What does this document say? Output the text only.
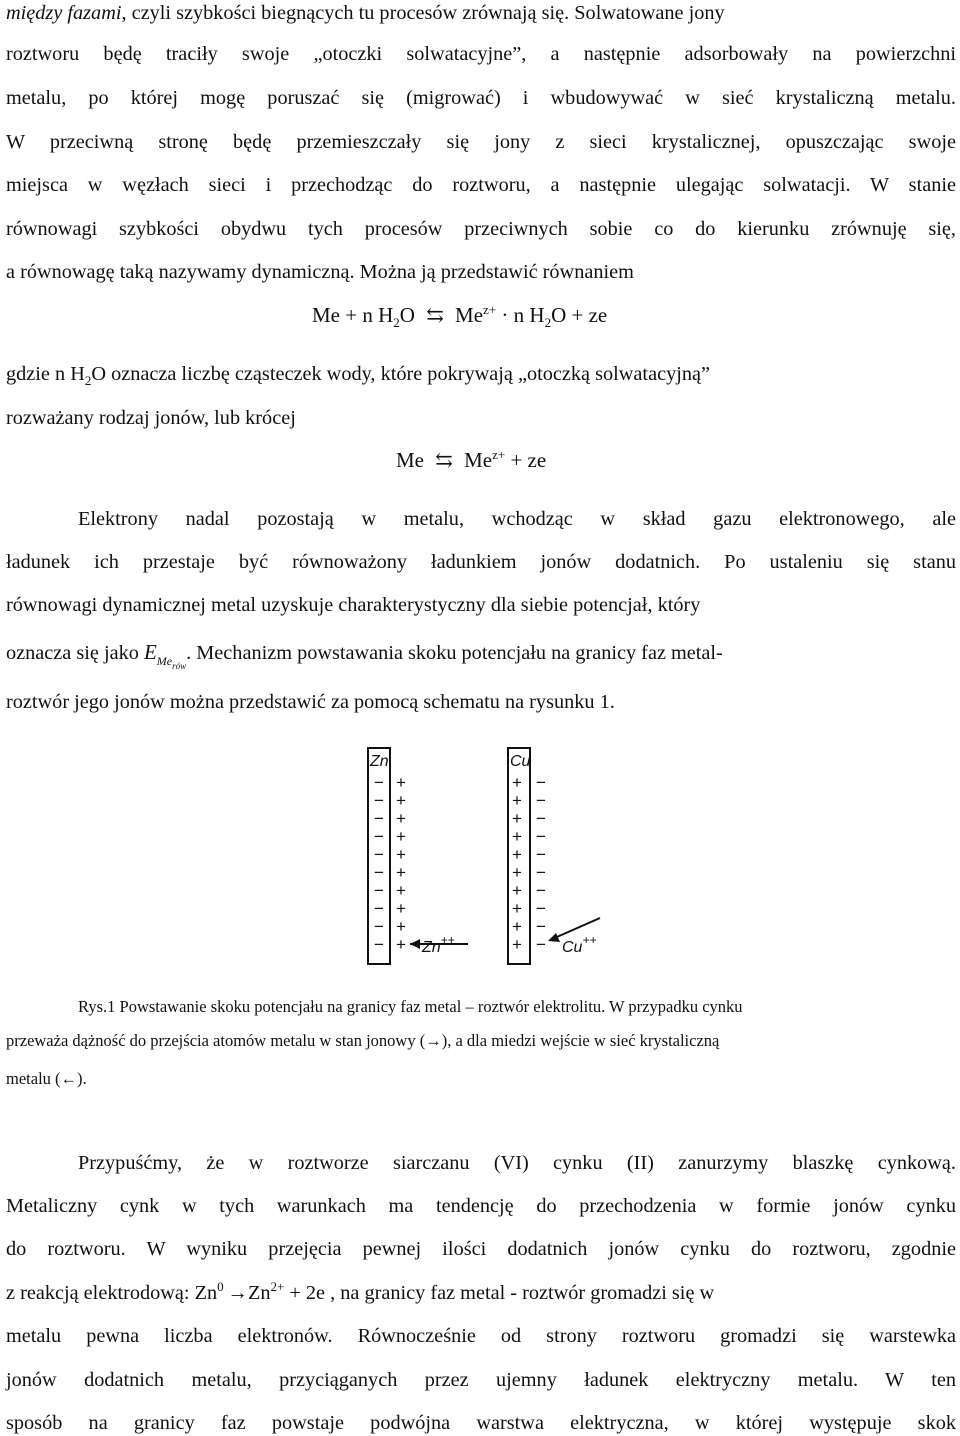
między fazami, czyli szybkości biegnących tu procesów zrównają się. Solwatowane jony
roztworu będę traciły swoje „otoczki solwatacyjne”, a następnie adsorbowały na powierzchni
metalu, po której mogę poruszać się (migrować) i wbudowywać w sieć krystaliczną metalu.
W przeciwną stronę będę przemieszczały się jony z sieci krystalicznej, opuszczając swoje
miejsca w węzłach sieci i przechodząc do roztworu, a następnie ulegając solwatacji. W stanie
równowagi szybkości obydwu tych procesów przeciwnych sobie co do kierunku zrównuję się,
a równowagę taką nazywamy dynamiczną. Można ją przedstawić równaniem
Me + n $H_2O$ ⇆ $Me^{z+} \cdot n$ $H_2O$ + ze
gdzie n $H_2O$ oznacza liczbę cząsteczek wody, które pokrywają „otoczką solwatacyjną”
rozważany rodzaj jonów, lub krócej
Me ⇆ $Me^{z+}$ + ze
Elektrony nadal pozostają w metalu, wchodząc w skład gazu elektronowego, ale
ładunek ich przestaje być równoważony ładunkiem jonów dodatnich. Po ustaleniu się stanu
równowagi dynamicznej metal uzyskuje charakterystyczny dla siebie potencjał, który
oznacza się jako $E_{Merów}$. Mechanizm powstawania skoku potencjału na granicy faz metal-
roztwór jego jonów można przedstawić za pomocą schematu na rysunku 1.
Zn
− +
− +
− +
− +
− +
− +
− +
− +
− +
− +
Cu
+ −
+ −
+ −
+ −
+ −
+ −
+ −
+ −
+ −
+ −
Zn++	Cu++
Rys.1 Powstawanie skoku potencjału na granicy faz metal – roztwór elektrolitu. W przypadku cynku
przeważa dążność do przejścia atomów metalu w stan jonowy (→), a dla miedzi wejście w sieć krystaliczną
metalu (←).
Przypuśćmy, że w roztworze siarczanu (VI) cynku (II) zanurzymy blaszkę cynkową.
Metaliczny cynk w tych warunkach ma tendencję do przechodzenia w formie jonów cynku
do roztworu. W wyniku przejęcia pewnej ilości dodatnich jonów cynku do roztworu, zgodnie
z reakcją elektrodową: $Zn^0 \to Zn^{2+} + 2e$ , na granicy faz metal - roztwór gromadzi się w
metalu pewna liczba elektronów. Równocześnie od strony roztworu gromadzi się warstewka
jonów dodatnich metalu, przyciąganych przez ujemny ładunek elektryczny metalu. W ten
sposób na granicy faz powstaje podwójna warstwa elektryczna, w której występuje skok
